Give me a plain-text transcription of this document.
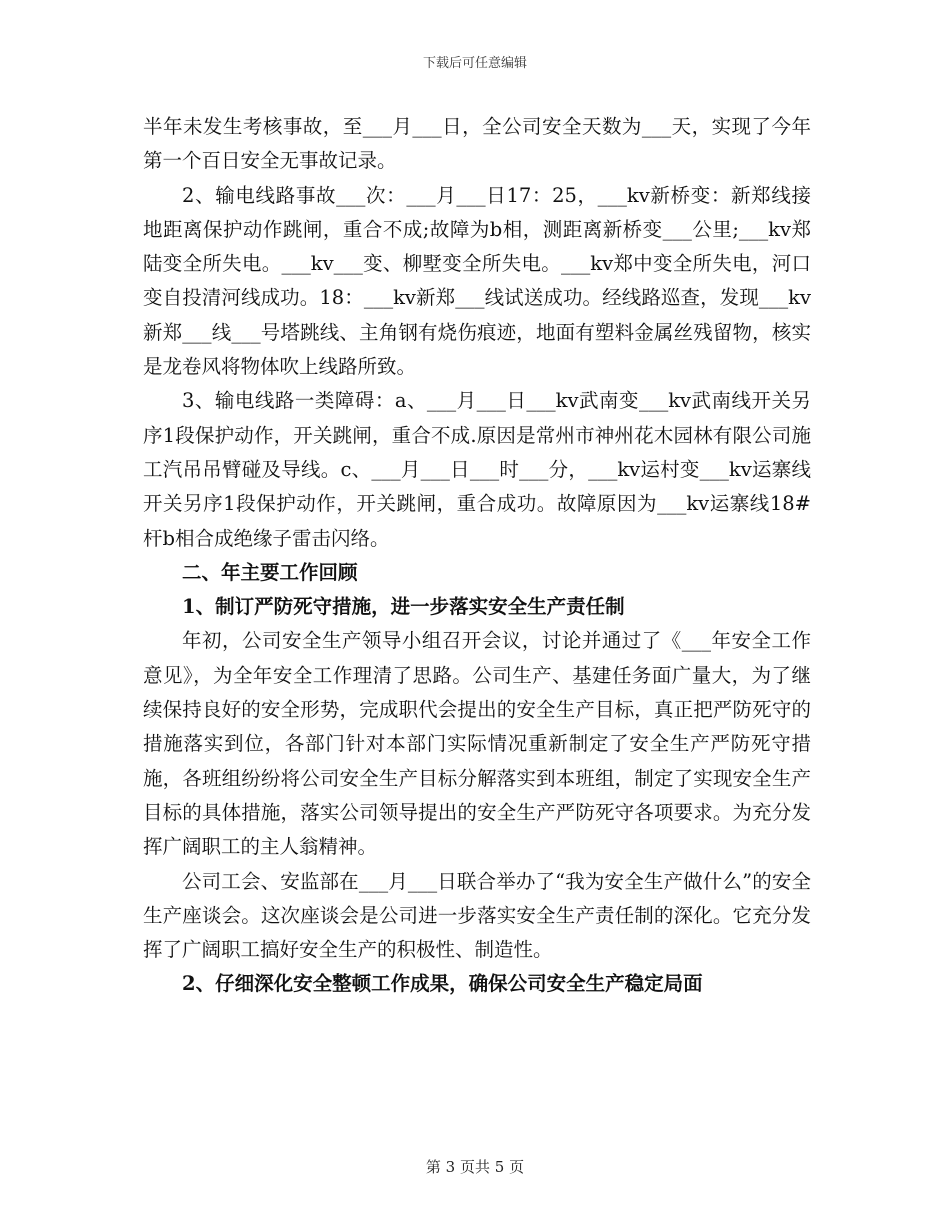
下载后可任意编辑

半年未发生考核事故，至___月___日，全公司安全天数为___天，实现了今年第一个百日安全无事故记录。

2、输电线路事故___次：___月___日17：25，___kv新桥变：新郑线接地距离保护动作跳闸，重合不成;故障为b相，测距离新桥变___公里;___kv郑陆变全所失电。___kv___变、柳墅变全所失电。___kv郑中变全所失电，河口变自投清河线成功。18：___kv新郑___线试送成功。经线路巡查，发现___kv新郑___线___号塔跳线、主角钢有烧伤痕迹，地面有塑料金属丝残留物，核实是龙卷风将物体吹上线路所致。

3、输电线路一类障碍：a、___月___日___kv武南变___kv武南线开关另序1段保护动作，开关跳闸，重合不成.原因是常州市神州花木园林有限公司施工汽吊吊臂碰及导线。c、___月___日___时___分，___kv运村变___kv运寨线开关另序1段保护动作，开关跳闸，重合成功。故障原因为___kv运寨线18#杆b相合成绝缘子雷击闪络。

二、年主要工作回顾

1、制订严防死守措施，进一步落实安全生产责任制

年初，公司安全生产领导小组召开会议，讨论并通过了《___年安全工作意见》，为全年安全工作理清了思路。公司生产、基建任务面广量大，为了继续保持良好的安全形势，完成职代会提出的安全生产目标，真正把严防死守的措施落实到位，各部门针对本部门实际情况重新制定了安全生产严防死守措施，各班组纷纷将公司安全生产目标分解落实到本班组，制定了实现安全生产目标的具体措施，落实公司领导提出的安全生产严防死守各项要求。为充分发挥广阔职工的主人翁精神。

公司工会、安监部在___月___日联合举办了“我为安全生产做什么”的安全生产座谈会。这次座谈会是公司进一步落实安全生产责任制的深化。它充分发挥了广阔职工搞好安全生产的积极性、制造性。

2、仔细深化安全整顿工作成果，确保公司安全生产稳定局面

第 3 页共 5 页
